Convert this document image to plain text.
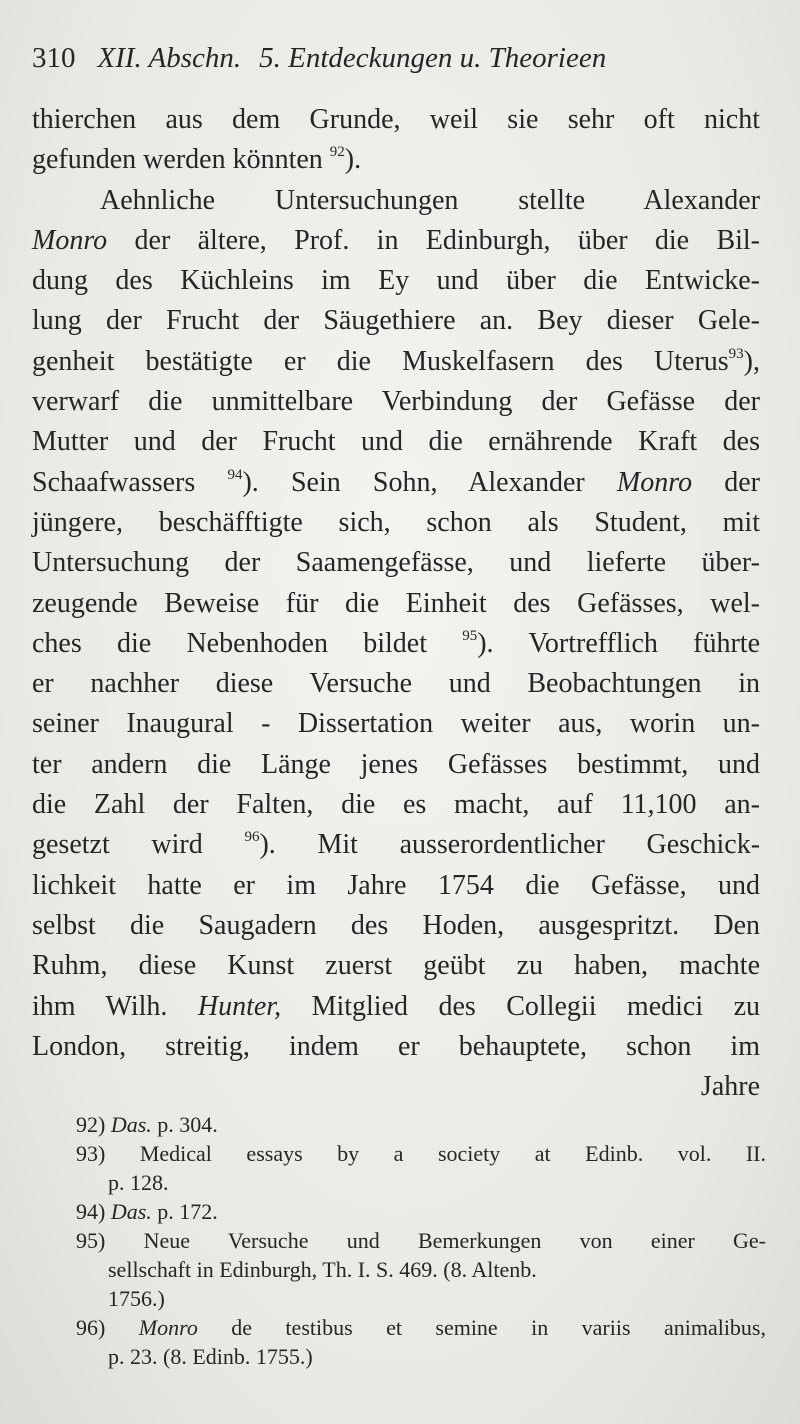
310 XII. Abschn. 5. Entdeckungen u. Theorieen
thierchen aus dem Grunde, weil sie sehr oft nicht
gefunden werden könnten $^{92}$).
Aehnliche Untersuchungen stellte Alexander
Monro der ältere, Prof. in Edinburgh, über die Bil-
dung des Küchleins im Ey und über die Entwicke-
lung der Frucht der Säugethiere an. Bey dieser Gele-
genheit bestätigte er die Muskelfasern des Uterus$^{93}$),
verwarf die unmittelbare Verbindung der Gefässe der
Mutter und der Frucht und die ernährende Kraft des
Schaafwassers $^{94}$). Sein Sohn, Alexander Monro der
jüngere, beschäfftigte sich, schon als Student, mit
Untersuchung der Saamengefässe, und lieferte über-
zeugende Beweise für die Einheit des Gefässes, wel-
ches die Nebenhoden bildet $^{95}$). Vortrefflich führte
er nachher diese Versuche und Beobachtungen in
seiner Inaugural - Dissertation weiter aus, worin un-
ter andern die Länge jenes Gefässes bestimmt, und
die Zahl der Falten, die es macht, auf 11,100 an-
gesetzt wird	$^{96}$). Mit ausserordentlicher Geschick-
lichkeit hatte er im Jahre 1754 die Gefässe, und
selbst die Saugadern des Hoden, ausgespritzt. Den
Ruhm, diese Kunst zuerst geübt zu haben, machte
ihm Wilh. Hunter, Mitglied des Collegii medici zu
London, streitig, indem er behauptete, schon im
Jahre
92) Das. p. 304.
93) Medical essays by a society at Edinb. vol. II.
p. 128.
94) Das. p. 172.
95) Neue Versuche und Bemerkungen von einer Ge-
sellschaft in Edinburgh, Th. I. S. 469. (8. Altenb.
1756.)
96) Monro de testibus et semine in variis animalibus,
p. 23. (8. Edinb. 1755.)
